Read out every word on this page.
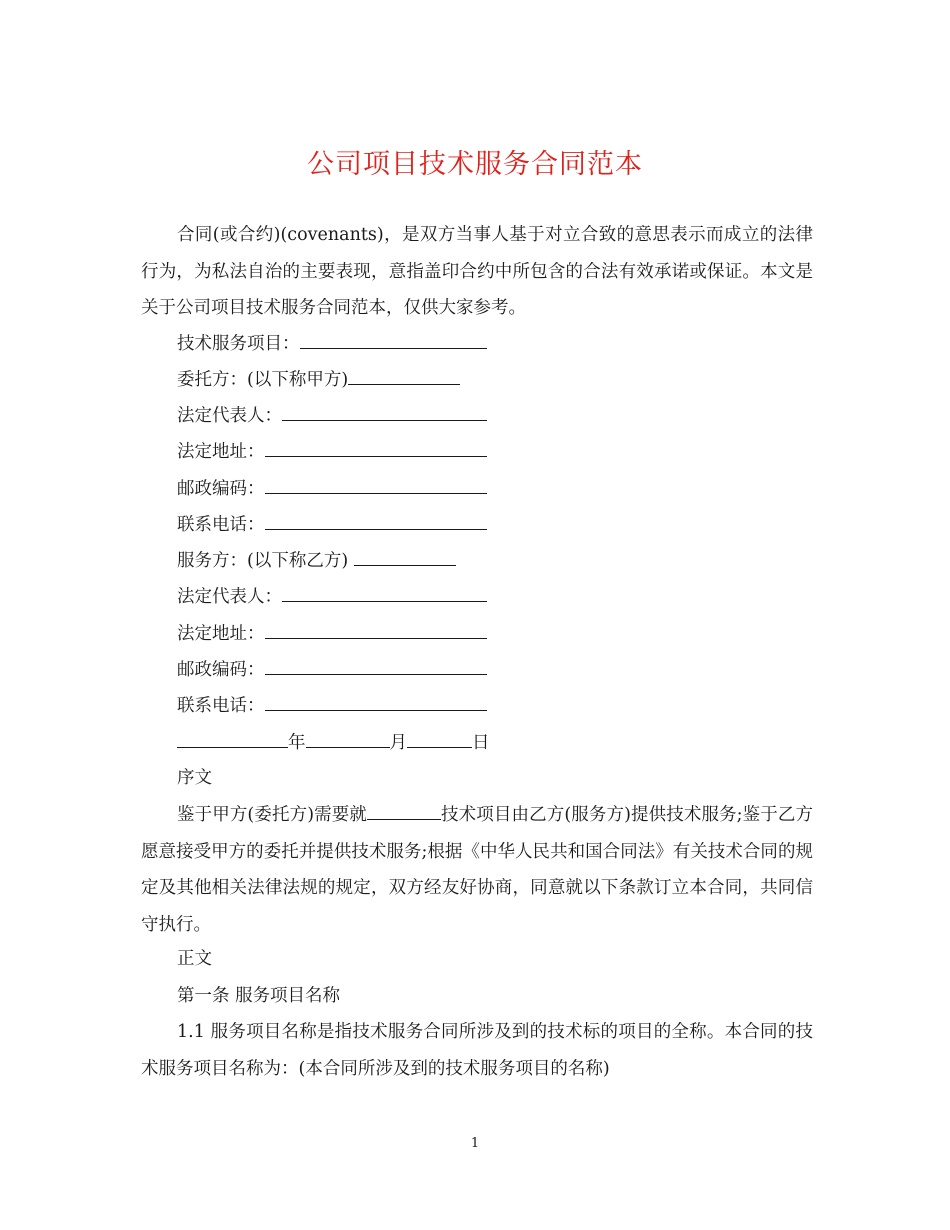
公司项目技术服务合同范本

合同(或合约)(covenants)，是双方当事人基于对立合致的意思表示而成立的法律行为，为私法自治的主要表现，意指盖印合约中所包含的合法有效承诺或保证。本文是关于公司项目技术服务合同范本，仅供大家参考。

技术服务项目：
委托方：(以下称甲方)
法定代表人：
法定地址：
邮政编码：
联系电话：
服务方：(以下称乙方)
法定代表人：
法定地址：
邮政编码：
联系电话：
年	月	日
序文

鉴于甲方(委托方)需要就	技术项目由乙方(服务方)提供技术服务;鉴于乙方愿意接受甲方的委托并提供技术服务;根据《中华人民共和国合同法》有关技术合同的规定及其他相关法律法规的规定，双方经友好协商，同意就以下条款订立本合同，共同信守执行。

正文
第一条 服务项目名称

1.1 服务项目名称是指技术服务合同所涉及到的技术标的项目的全称。本合同的技术服务项目名称为：(本合同所涉及到的技术服务项目的名称)

1
